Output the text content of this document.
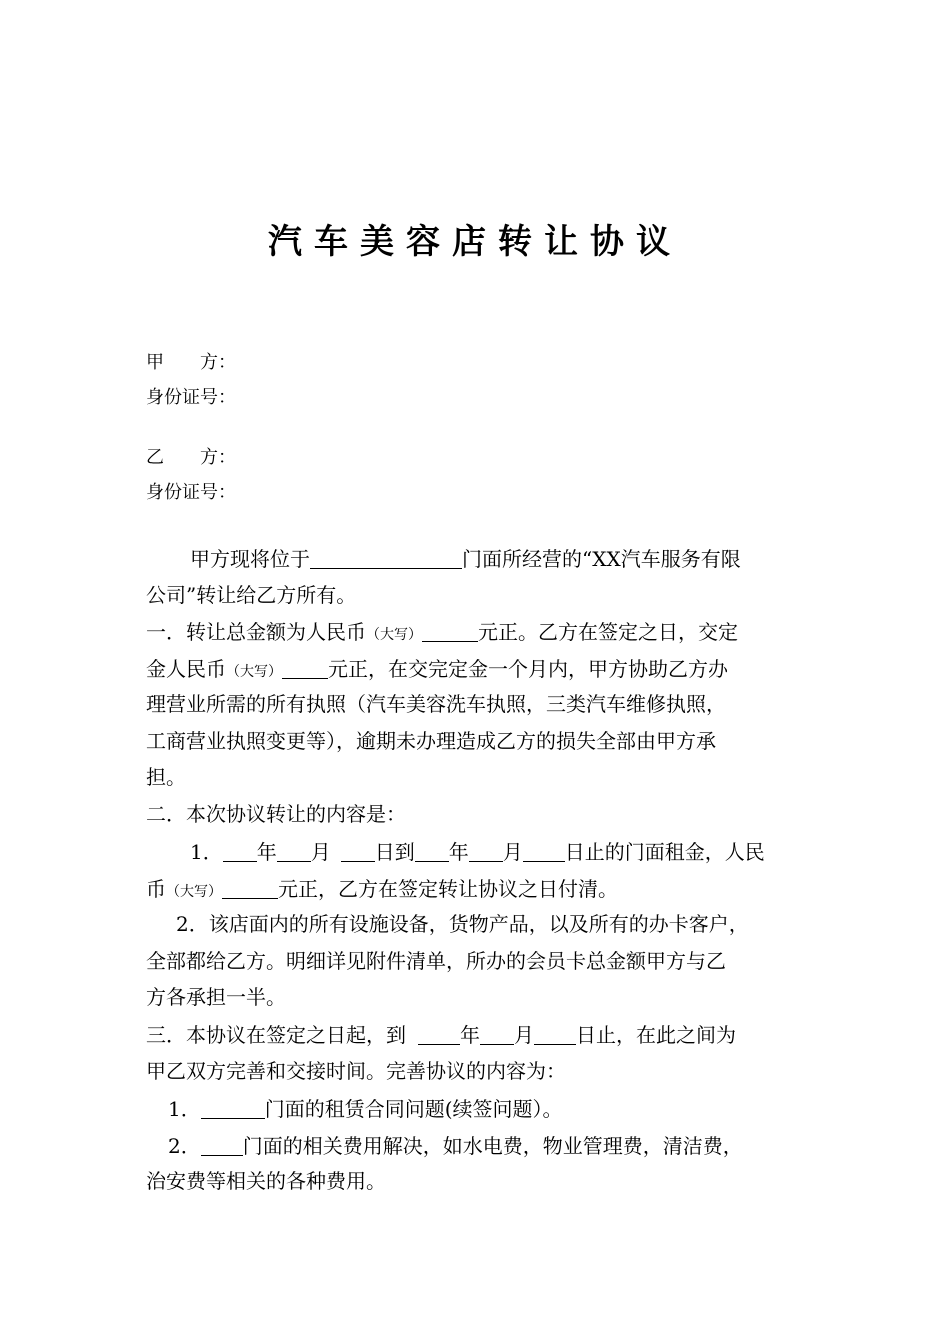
汽车美容店转让协议
甲　　方：
身份证号：
乙　　方：
身份证号：
甲方现将位于	门面所经营的“XX汽车服务有限
公司”转让给乙方所有。
一．转让总金额为人民币（大写）	元正。乙方在签定之日，交定
金人民币（大写） 元正，在交完定金一个月内，甲方协助乙方办
理营业所需的所有执照（汽车美容洗车执照，三类汽车维修执照，
工商营业执照变更等），逾期未办理造成乙方的损失全部由甲方承
担。
二．本次协议转让的内容是：
1． 年 月 日到 年 月 日止的门面租金，人民
币（大写）	元正，乙方在签定转让协议之日付清。
2．该店面内的所有设施设备，货物产品，以及所有的办卡客户，
全部都给乙方。明细详见附件清单，所办的会员卡总金额甲方与乙
方各承担一半。
三．本协议在签定之日起，到	年 月 日止，在此之间为
甲乙双方完善和交接时间。完善协议的内容为：
1．	门面的租赁合同问题(续签问题）。
2． 门面的相关费用解决，如水电费，物业管理费，清洁费，
治安费等相关的各种费用。
